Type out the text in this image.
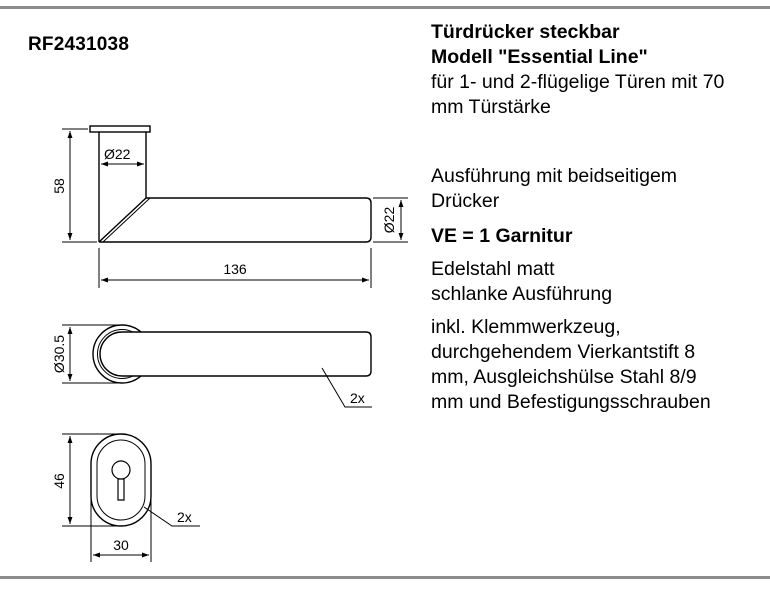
RF2431038
Ø22
58
Ø22
136
Ø30.5
2x
46
30
2x
Türdrücker steckbar
Modell "Essential Line"
für 1- und 2-flügelige Türen mit 70
mm Türstärke
Ausführung mit beidseitigem
Drücker
VE = 1 Garnitur
Edelstahl matt
schlanke Ausführung
inkl. Klemmwerkzeug,
durchgehendem Vierkantstift 8
mm, Ausgleichshülse Stahl 8/9
mm und Befestigungsschrauben
